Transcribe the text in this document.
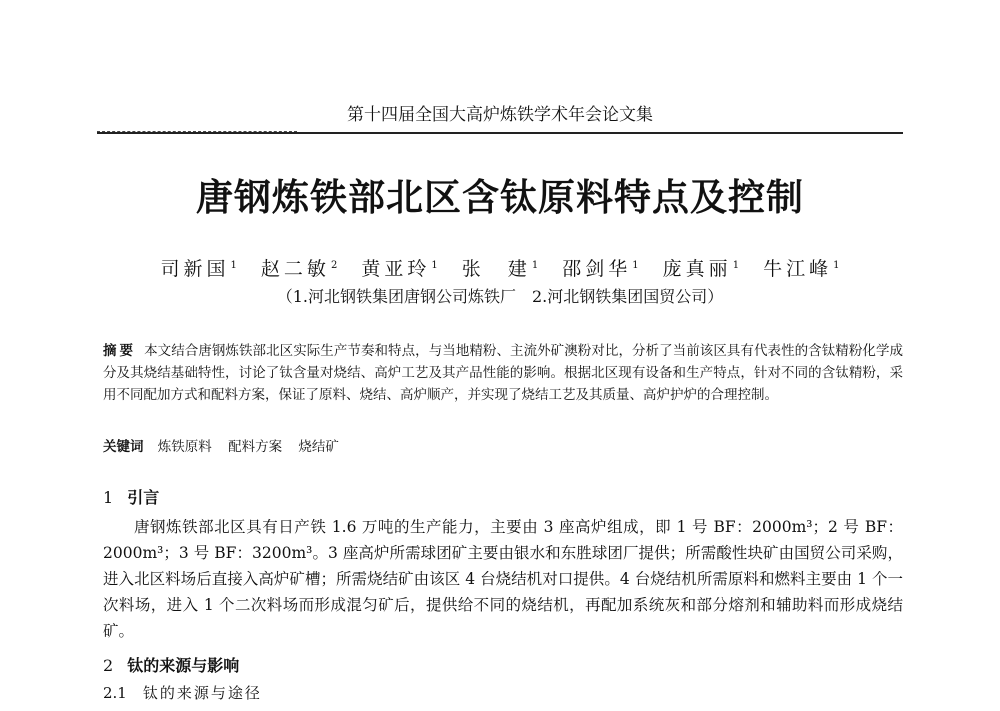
第十四届全国大高炉炼铁学术年会论文集
唐钢炼铁部北区含钛原料特点及控制
司新国$^1$ 赵二敏$^2$ 黄亚玲$^1$ 张　建$^1$ 邵剑华$^1$ 庞真丽$^1$ 牛江峰$^1$
（1.河北钢铁集团唐钢公司炼铁厂　2.河北钢铁集团国贸公司）
摘要 本文结合唐钢炼铁部北区实际生产节奏和特点，与当地精粉、主流外矿澳粉对比，分析了当前该区具有代表性的含钛精粉化学成分及其烧结基础特性，讨论了钛含量对烧结、高炉工艺及其产品性能的影响。根据北区现有设备和生产特点，针对不同的含钛精粉，采用不同配加方式和配料方案，保证了原料、烧结、高炉顺产，并实现了烧结工艺及其质量、高炉护炉的合理控制。
关键词 炼铁原料 配料方案 烧结矿
1 引言
唐钢炼铁部北区具有日产铁 1.6 万吨的生产能力，主要由 3 座高炉组成，即 1 号 BF：2000m³；2 号 BF：2000m³；3 号 BF：3200m³。3 座高炉所需球团矿主要由银水和东胜球团厂提供；所需酸性块矿由国贸公司采购，进入北区料场后直接入高炉矿槽；所需烧结矿由该区 4 台烧结机对口提供。4 台烧结机所需原料和燃料主要由 1 个一次料场，进入 1 个二次料场而形成混匀矿后，提供给不同的烧结机，再配加系统灰和部分熔剂和辅助料而形成烧结矿。
2 钛的来源与影响
2.1 钛的来源与途径
